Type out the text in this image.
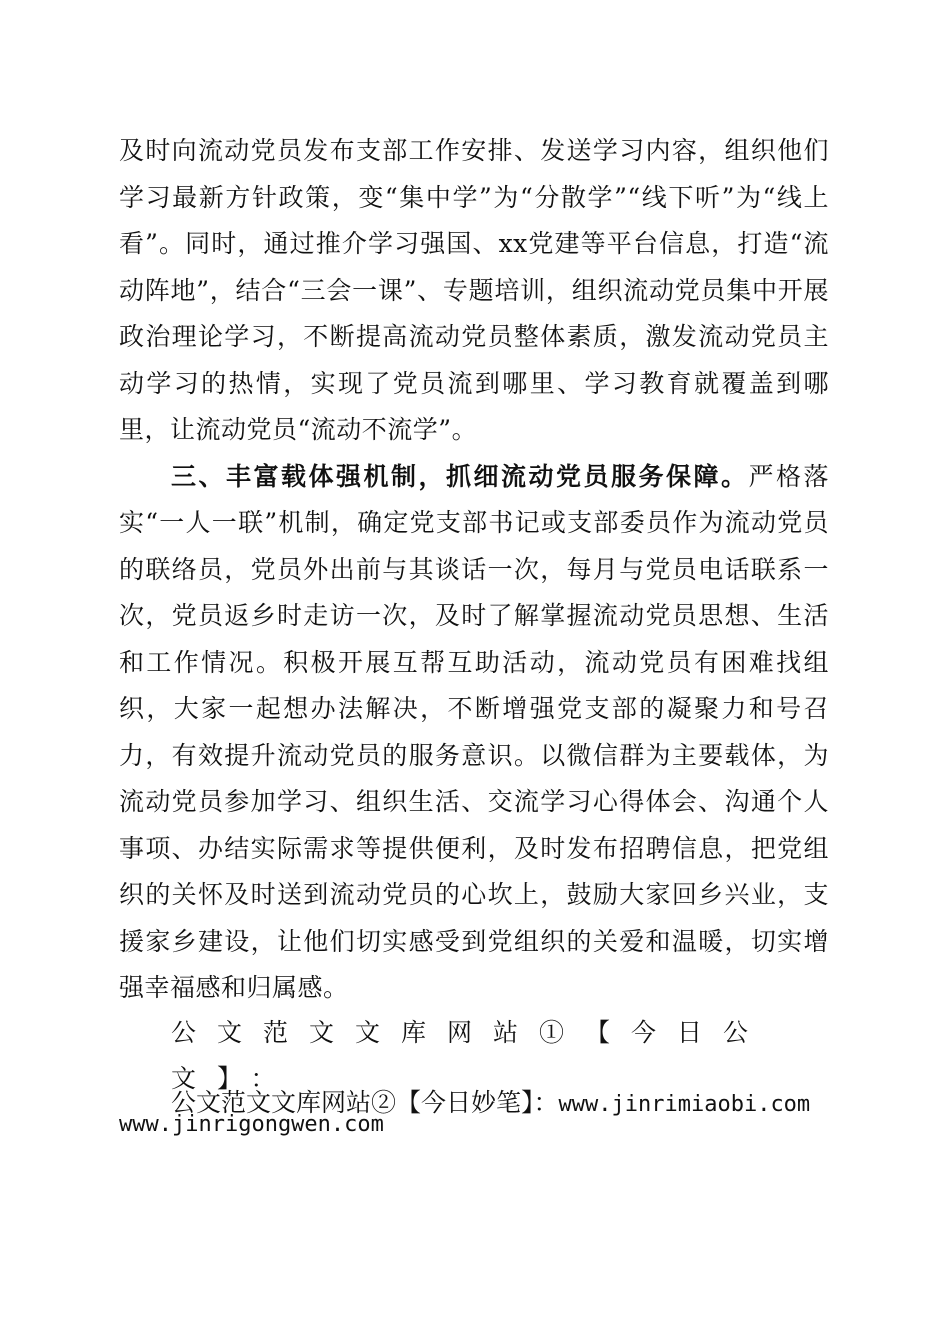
及时向流动党员发布支部工作安排、发送学习内容，组织他们学习最新方针政策，变“集中学”为“分散学”“线下听”为“线上看”。同时，通过推介学习强国、xx党建等平台信息，打造“流动阵地”，结合“三会一课”、专题培训，组织流动党员集中开展政治理论学习，不断提高流动党员整体素质，激发流动党员主动学习的热情，实现了党员流到哪里、学习教育就覆盖到哪里，让流动党员“流动不流学”。

三、丰富载体强机制，抓细流动党员服务保障。严格落实“一人一联”机制，确定党支部书记或支部委员作为流动党员的联络员，党员外出前与其谈话一次，每月与党员电话联系一次，党员返乡时走访一次，及时了解掌握流动党员思想、生活和工作情况。积极开展互帮互助活动，流动党员有困难找组织，大家一起想办法解决，不断增强党支部的凝聚力和号召力，有效提升流动党员的服务意识。以微信群为主要载体，为流动党员参加学习、组织生活、交流学习心得体会、沟通个人事项、办结实际需求等提供便利，及时发布招聘信息，把党组织的关怀及时送到流动党员的心坎上，鼓励大家回乡兴业，支援家乡建设，让他们切实感受到党组织的关爱和温暖，切实增强幸福感和归属感。

公文范文文库网站①【今日公文】：
www.jinrigongwen.com
公文范文文库网站②【今日妙笔】：www.jinrimiaobi.com
